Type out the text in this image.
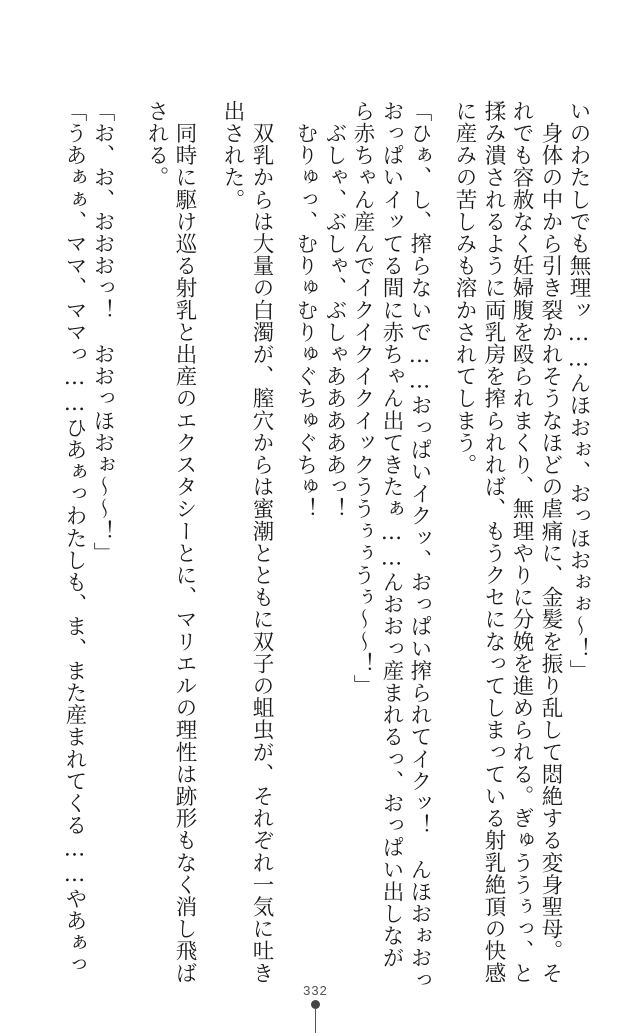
いのわたしでも無理ッ……んほおぉ、おっほおぉぉ～！」
　身体の中から引き裂かれそうなほどの虐痛に、金髪を振り乱して悶絶する変身聖母。そ
れでも容赦なく妊婦腹を殴られまくり、無理やりに分娩を進められる。ぎゅううぅっ、と
揉み潰されるように両乳房を搾られれば、もうクセになってしまっている射乳絶頂の快感
に産みの苦しみも溶かされてしまう。
「ひぁ、し、搾らないで……おっぱいイクッ、おっぱい搾られてイクッ！　んほおぉおっ
おっぱいイッてる間に赤ちゃん出てきたぁ……んおおっ産まれるっ、おっぱい出しなが
ら赤ちゃん産んでイクイクイクイックううぅぅうぅ～～！」
　ぶしゃ、ぶしゃ、ぶしゃあああああっ！
　むりゅっ、むりゅむりゅぐちゅぐちゅ！
　双乳からは大量の白濁が、膣穴からは蜜潮とともに双子の蛆虫が、それぞれ一気に吐き
出された。
　同時に駆け巡る射乳と出産のエクスタシーとに、マリエルの理性は跡形もなく消し飛ば
される。
「お、お、おおおっ！　おおっほおぉ～～！」
「うあぁぁ、ママ、ママっ……ひあぁっわたしも、ま、また産まれてくる……やあぁっ
332
